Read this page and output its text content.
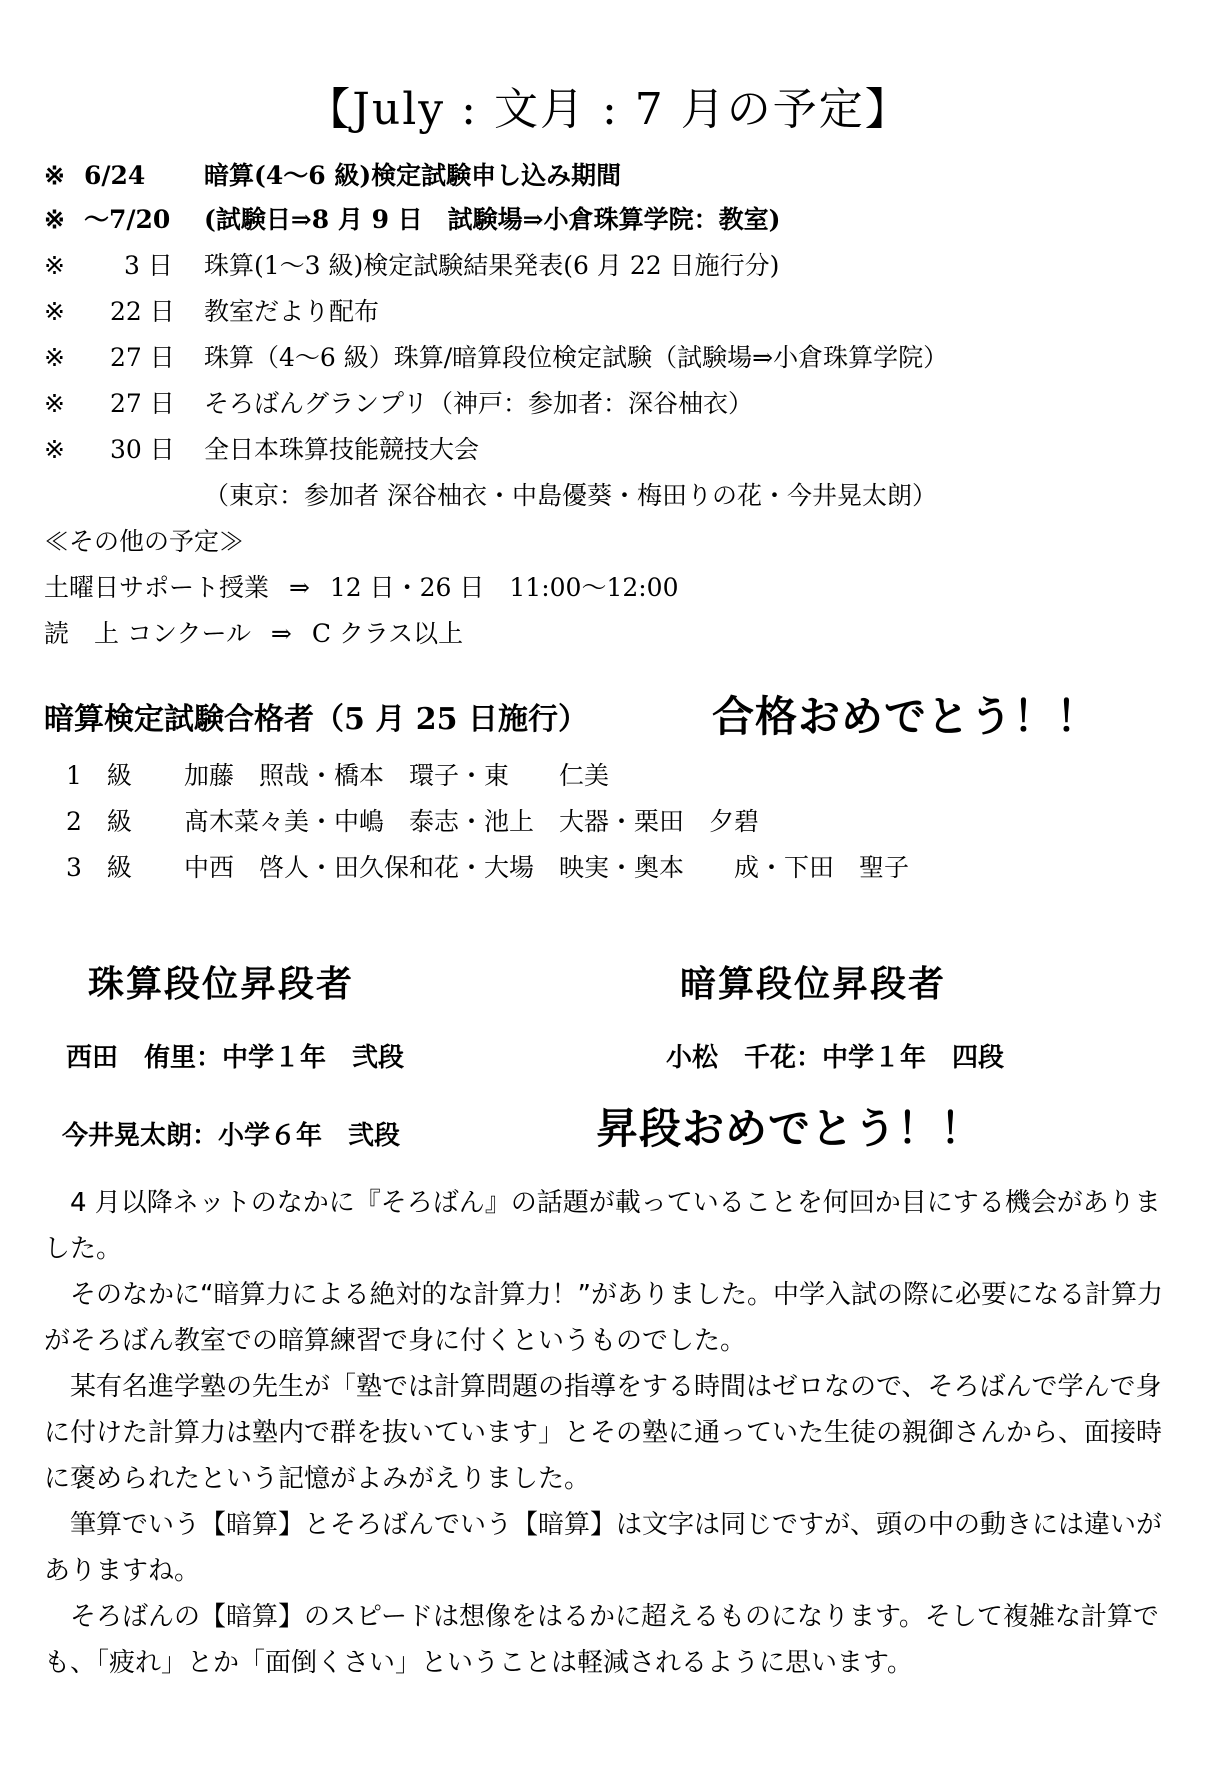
【July : 文月 : 7 月の予定】
※ 6/24 暗算(4～6 級)検定試験申し込み期間
※ ～7/20 (試験日⇒8 月 9 日　試験場⇒小倉珠算学院：教室)
※ 3 日 珠算(1～3 級)検定試験結果発表(6 月 22 日施行分)
※ 22 日 教室だより配布
※ 27 日 珠算（4～6 級）珠算/暗算段位検定試験（試験場⇒小倉珠算学院）
※ 27 日 そろばんグランプリ（神戸：参加者：深谷柚衣）
※ 30 日 全日本珠算技能競技大会
（東京：参加者 深谷柚衣・中島優葵・梅田りの花・今井晃太朗）
≪その他の予定≫
土曜日サポート授業 ⇒ 12 日・26 日　11:00～12:00
読　上 コンクール ⇒ C クラス以上
暗算検定試験合格者（5 月 25 日施行）	合格おめでとう！！
1　級 加藤　照哉・橋本　環子・東　　仁美
2　級 髙木菜々美・中嶋　泰志・池上　大器・栗田　夕碧
3　級 中西　啓人・田久保和花・大場　映実・奥本　　成・下田　聖子
珠算段位昇段者	暗算段位昇段者
西田　侑里：中学１年　弐段	小松　千花：中学１年　四段
今井晃太朗：小学６年　弐段	昇段おめでとう！！

4 月以降ネットのなかに『そろばん』の話題が載っていることを何回か目にする機会がありました。

そのなかに“暗算力による絶対的な計算力！”がありました。中学入試の際に必要になる計算力がそろばん教室での暗算練習で身に付くというものでした。

某有名進学塾の先生が「塾では計算問題の指導をする時間はゼロなので、そろばんで学んで身に付けた計算力は塾内で群を抜いています」とその塾に通っていた生徒の親御さんから、面接時に褒められたという記憶がよみがえりました。

筆算でいう【暗算】とそろばんでいう【暗算】は文字は同じですが、頭の中の動きには違いがありますね。

そろばんの【暗算】のスピードは想像をはるかに超えるものになります。そして複雑な計算でも、「疲れ」とか「面倒くさい」ということは軽減されるように思います。
